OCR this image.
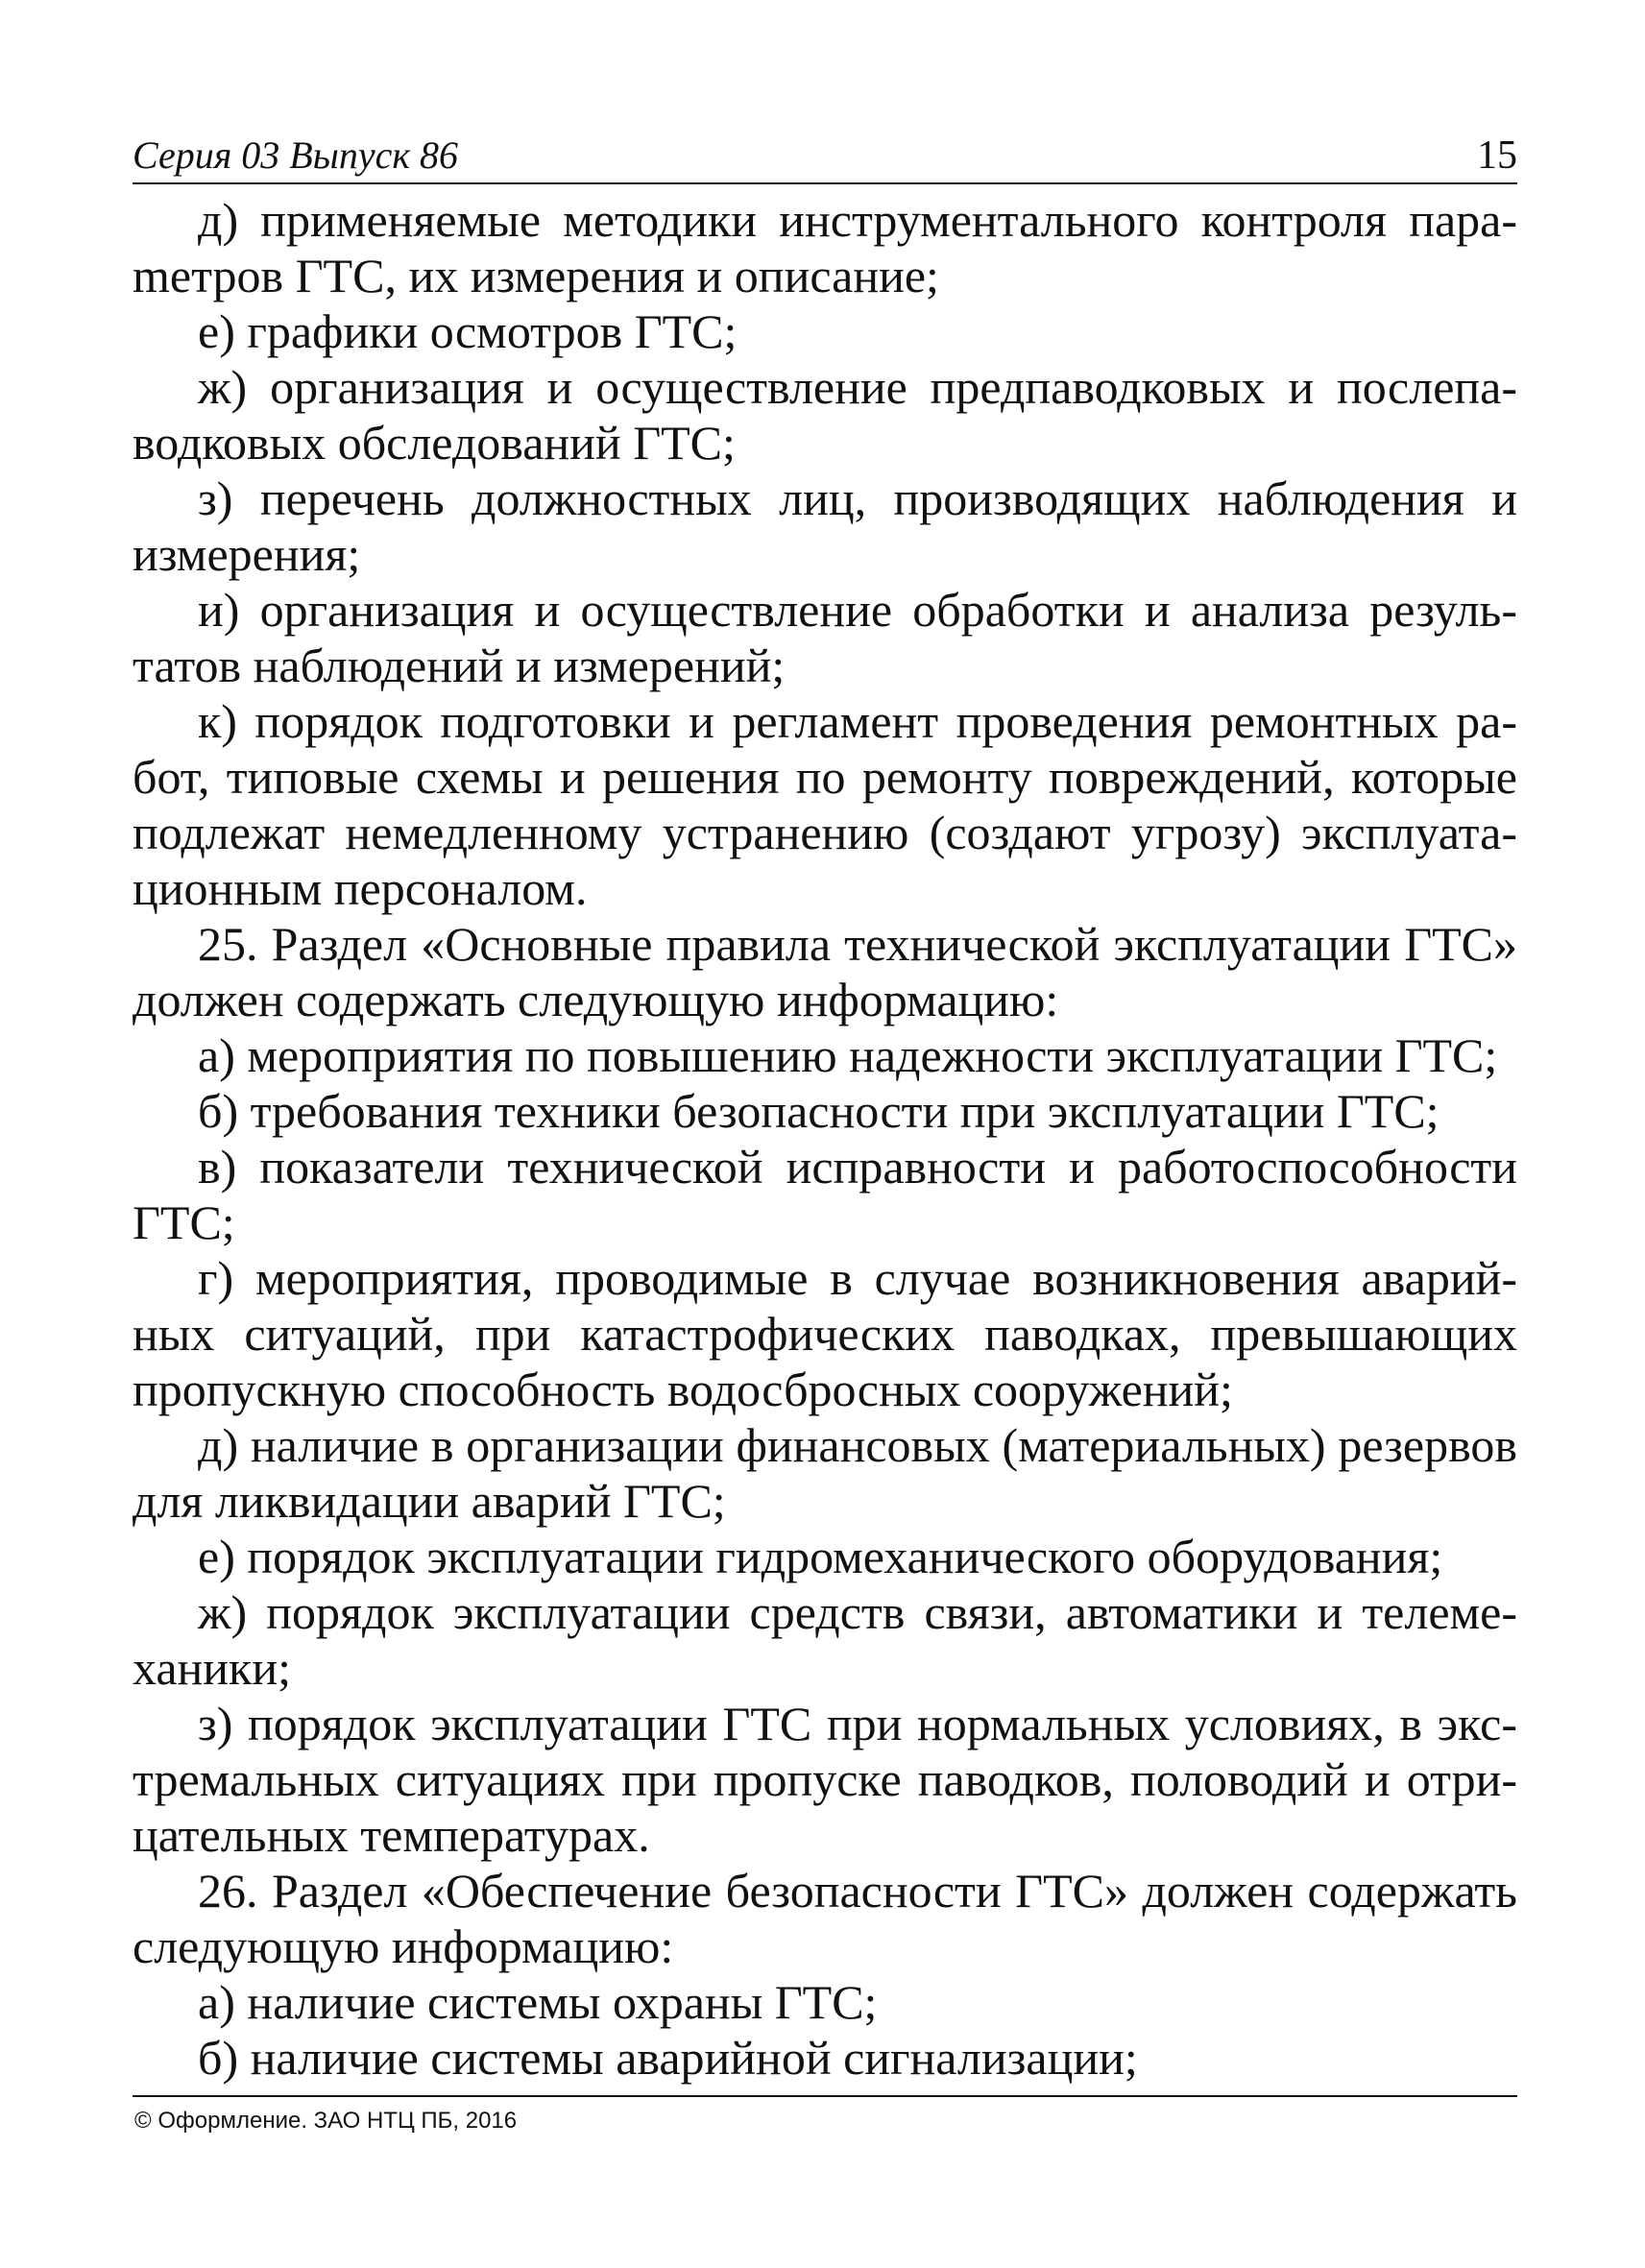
Серия 03 Выпуск 86	15

д) применяемые методики инструментального контроля параmетров ГТС, их измерения и описание;

е) графики осмотров ГТС;

ж) организация и осуществление предпаводковых и послепаводковых обследований ГТС;

з) перечень должностных лиц, производящих наблюдения и измерения;

и) организация и осуществление обработки и анализа результатов наблюдений и измерений;

к) порядок подготовки и регламент проведения ремонтных работ, типовые схемы и решения по ремонту повреждений, которые подлежат немедленному устранению (создают угрозу) эксплуатационным персоналом.

25. Раздел «Основные правила технической эксплуатации ГТС» должен содержать следующую информацию:

а) мероприятия по повышению надежности эксплуатации ГТС;

б) требования техники безопасности при эксплуатации ГТС;

в) показатели технической исправности и работоспособности ГТС;

г) мероприятия, проводимые в случае возникновения аварийных ситуаций, при катастрофических паводках, превышающих пропускную способность водосбросных сооружений;

д) наличие в организации финансовых (материальных) резервов для ликвидации аварий ГТС;

е) порядок эксплуатации гидромеханического оборудования;

ж) порядок эксплуатации средств связи, автоматики и телемеханики;

з) порядок эксплуатации ГТС при нормальных условиях, в экстремальных ситуациях при пропуске паводков, половодий и отрицательных температурах.

26. Раздел «Обеспечение безопасности ГТС» должен содержать следующую информацию:

а) наличие системы охраны ГТС;

б) наличие системы аварийной сигнализации;

© Оформление. ЗАО НТЦ ПБ, 2016
